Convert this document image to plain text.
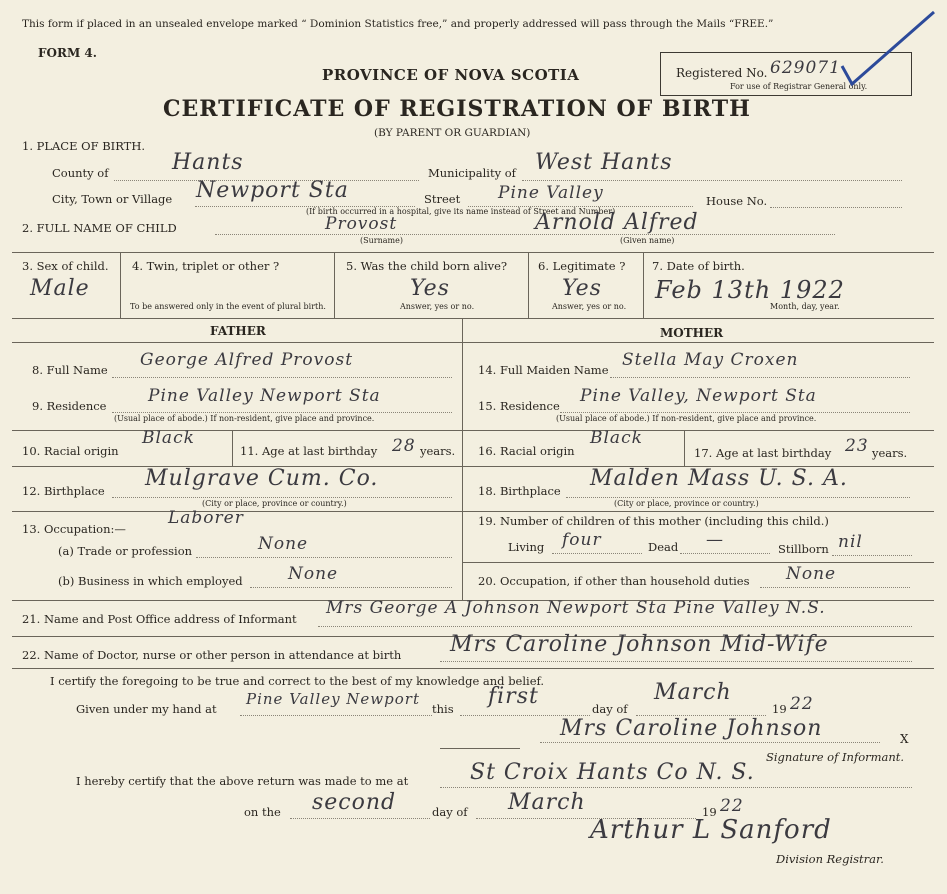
This form if placed in an unsealed envelope marked “ Dominion Statistics free,” and properly addressed will pass through the Mails “FREE.”
FORM 4.
Registered No. 629071
For use of Registrar General only.
PROVINCE OF NOVA SCOTIA
CERTIFICATE OF REGISTRATION OF BIRTH
(BY PARENT OR GUARDIAN)
1. PLACE OF BIRTH.
County of	Hants	Municipality of West Hants
City, Town or Village Newport Sta	Street Pine Valley	House No.
(If birth occurred in a hospital, give its name instead of Street and Number)
2. FULL NAME OF CHILD	Provost
(Surname)
Arnold Alfred
(Given name)
3. Sex of child.
Male
4. Twin, triplet or other ?
To be answered only in the event of plural birth.
5. Was the child born alive?
Yes
Answer, yes or no.
6. Legitimate ?
Yes
Answer, yes or no.
7. Date of birth.
Feb 13th 1922
Month, day, year.
FATHER	MOTHER
8. Full Name George Alfred Provost
9. Residence Pine Valley Newport Sta
(Usual place of abode.) If non-resident, give place and province.
10. Racial origin
Black
11. Age at last birthday 28 years.
12. Birthplace Mulgrave Cum. Co.
(City or place, province or country.)
13. Occupation:—
Laborer
(a) Trade or profession	None
(b) Business in which employed	None
14. Full Maiden Name Stella May Croxen
15. Residence Pine Valley, Newport Sta
(Usual place of abode.) If non-resident, give place and province.
16. Racial origin
Black
17. Age at last birthday 23 years.
18. Birthplace Malden Mass U. S. A.
(City or place, province or country.)
19. Number of children of this mother (including this child.)
Living four	Dead —	Stillborn nil
20. Occupation, if other than household duties None
21. Name and Post Office address of Informant
Mrs George A Johnson Newport Sta Pine Valley N.S.
22. Name of Doctor, nurse or other person in attendance at birth Mrs Caroline Johnson Mid-Wife
I certify the foregoing to be true and correct to the best of my knowledge and belief.
Given under my hand at
Pine Valley Newport
this first	day of
March
19 22
Mrs Caroline Johnson	X
Signature of Informant.
I hereby certify that the above return was made to me at	St Croix Hants Co N. S.
on the second	day of March	19 22
Arthur L Sanford
Division Registrar.
